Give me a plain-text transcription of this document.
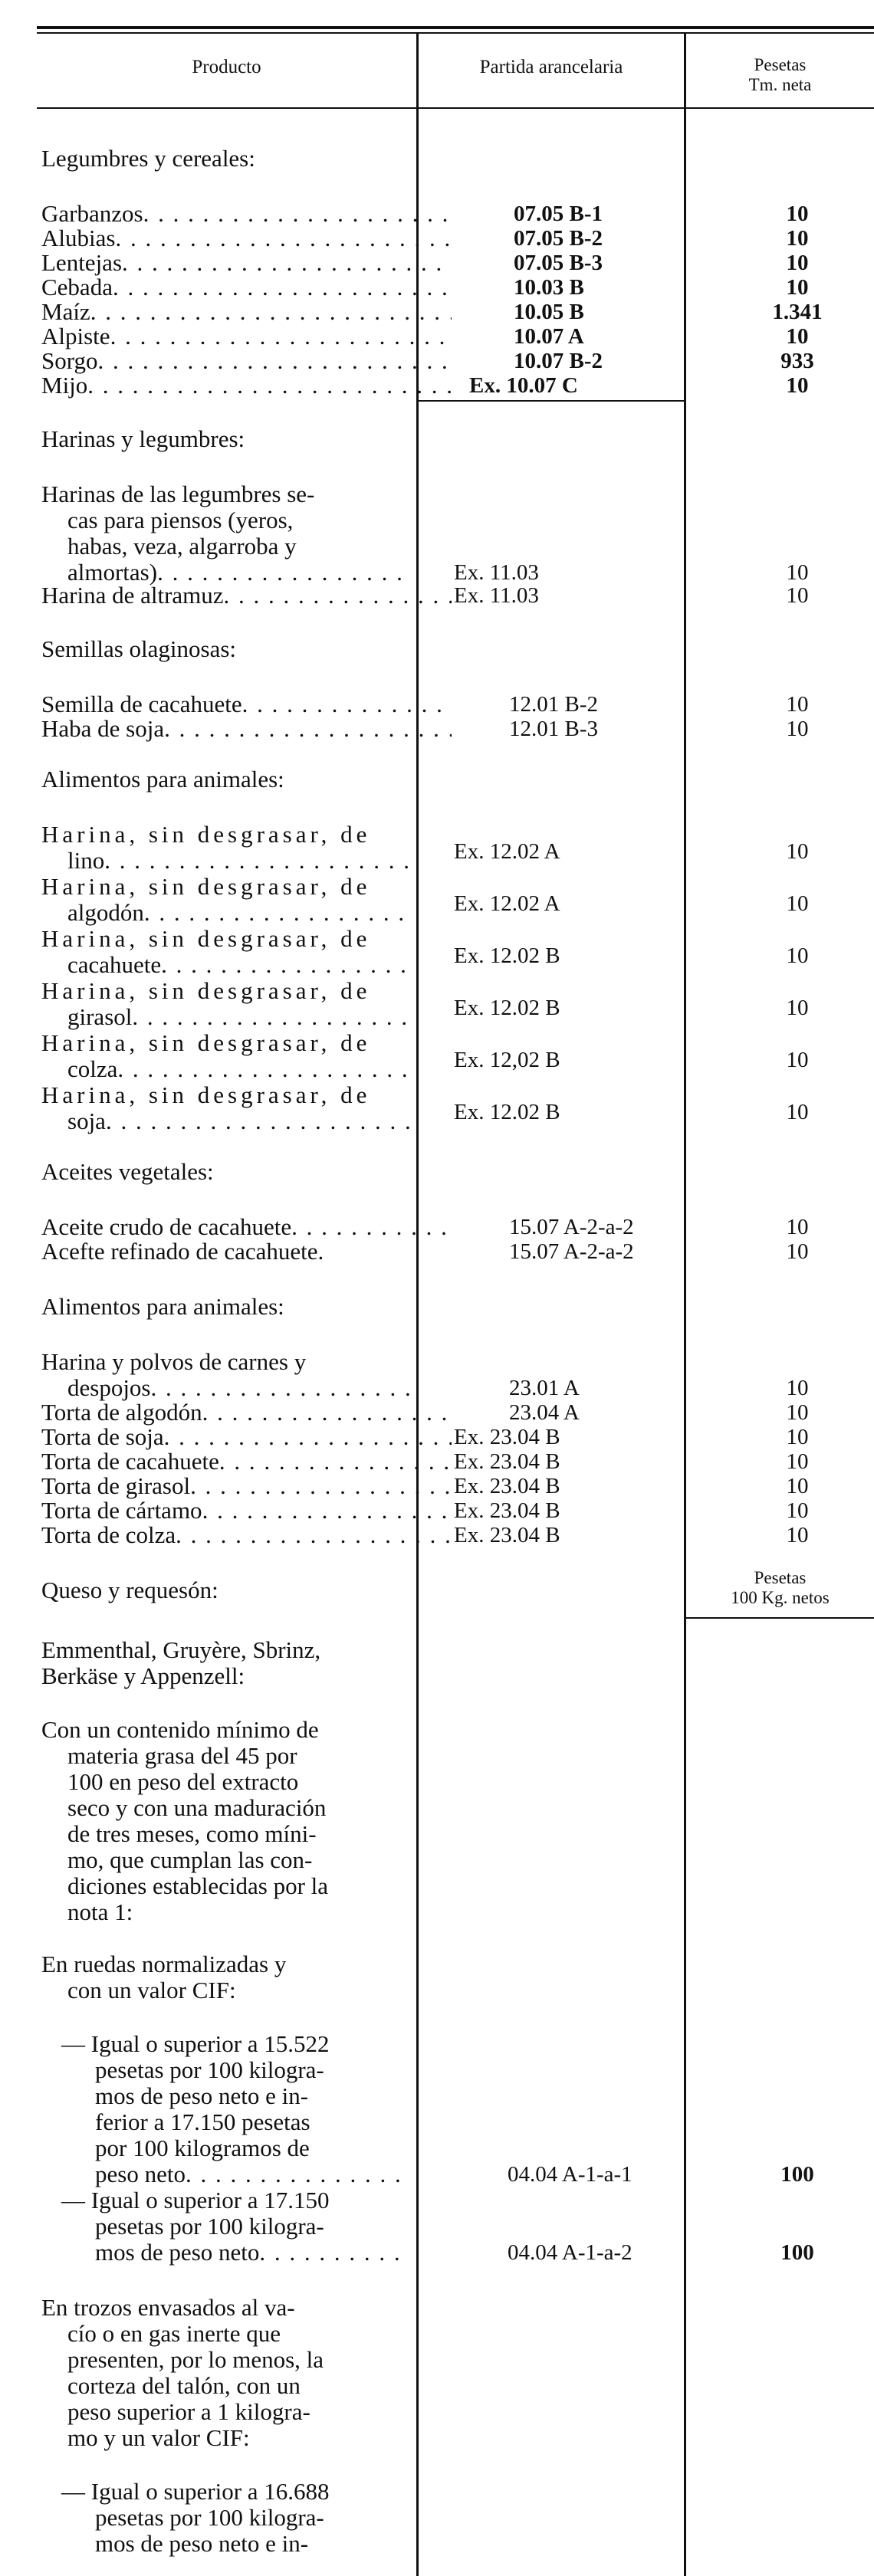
Producto	Partida arancelaria	Pesetas
Tm. neta
Legumbres y cereales:
Garbanzos . . .	07.05 B-1	10
Alubias . . .	07.05 B-2	10
Lentejas . . .	07.05 B-3	10
Cebada . . .	10.03 B	10
Maíz . . .	10.05 B	1.341
Alpiste . . .	10.07 A	10
Sorgo . . .	10.07 B-2	933
Mijo . . .	Ex. 10.07 C	10
Harinas y legumbres:
Harinas de las legumbres se-
cas para piensos (yeros,
habas, veza, algarroba y
almortas) . . .	Ex. 11.03	10
Harina de altramuz . . .	Ex. 11.03	10
Semillas olaginosas:
Semilla de cacahuete . . .	12.01 B-2	10
Haba de soja . . .	12.01 B-3	10
Alimentos para animales:
Harina, sin desgrasar, de
lino . . .	Ex. 12.02 A	10
Harina, sin desgrasar, de
algodón . . .	Ex. 12.02 A	10
Harina, sin desgrasar, de
cacahuete . . .	Ex. 12.02 B	10
Harina, sin desgrasar, de
girasol . . .	Ex. 12.02 B	10
Harina, sin desgrasar, de
colza . . .	Ex. 12,02 B	10
Harina, sin desgrasar, de
soja . . .	Ex. 12.02 B	10
Aceites vegetales:
Aceite crudo de cacahuete . . .	15.07 A-2-a-2	10
Acefte refinado de cacahuete.	15.07 A-2-a-2	10
Alimentos para animales:
Harina y polvos de carnes y
despojos . . .	23.01 A	10
Torta de algodón . . .	23.04 A	10
Torta de soja . . .	Ex. 23.04 B	10
Torta de cacahuete . . .	Ex. 23.04 B	10
Torta de girasol . . .	Ex. 23.04 B	10
Torta de cártamo . . .	Ex. 23.04 B	10
Torta de colza . . .	Ex. 23.04 B	10
Queso y requesón:	Pesetas
100 Kg. netos
Emmenthal, Gruyère, Sbrinz,
Berkäse y Appenzell:
Con un contenido mínimo de
materia grasa del 45 por
100 en peso del extracto
seco y con una maduración
de tres meses, como míni-
mo, que cumplan las con-
diciones establecidas por la
nota 1:
En ruedas normalizadas y
con un valor CIF:
— Igual o superior a 15.522
pesetas por 100 kilogra-
mos de peso neto e in-
ferior a 17.150 pesetas
por 100 kilogramos de
peso neto . . .	04.04 A-1-a-1	100
— Igual o superior a 17.150
pesetas por 100 kilogra-
mos de peso neto . . .	04.04 A-1-a-2	100
En trozos envasados al va-
cío o en gas inerte que
presenten, por lo menos, la
corteza del talón, con un
peso superior a 1 kilogra-
mo y un valor CIF:
— Igual o superior a 16.688
pesetas por 100 kilogra-
mos de peso neto e in-
